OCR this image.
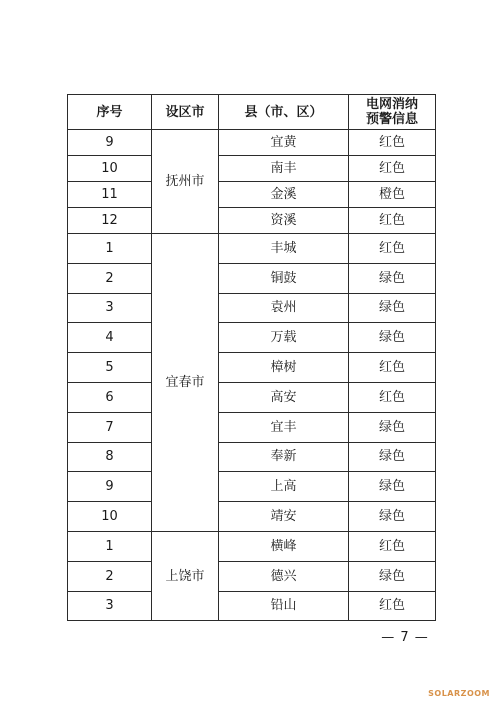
序号	设区市	县（市、区）	电网消纳
预警信息
9	抚州市	宜黄	红色
10		南丰	红色
11		金溪	橙色
12		资溪	红色
1	宜春市	丰城	红色
2		铜鼓	绿色
3		袁州	绿色
4		万载	绿色
5		樟树	红色
6		高安	红色
7		宜丰	绿色
8		奉新	绿色
9		上高	绿色
10		靖安	绿色
1	上饶市	横峰	红色
2		德兴	绿色
3		铅山	红色
— 7 —
SOLARZOOM
